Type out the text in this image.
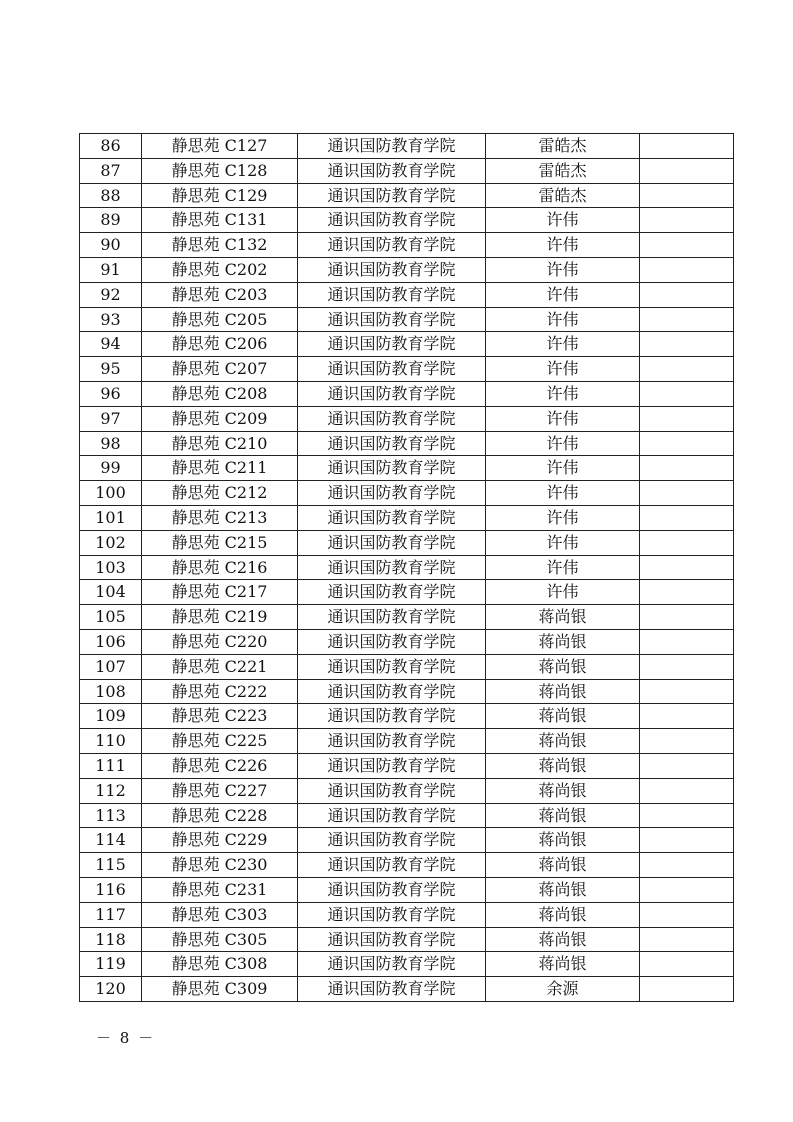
86	静思苑 C127	通识国防教育学院	雷皓杰	
87	静思苑 C128	通识国防教育学院	雷皓杰	
88	静思苑 C129	通识国防教育学院	雷皓杰	
89	静思苑 C131	通识国防教育学院	许伟	
90	静思苑 C132	通识国防教育学院	许伟	
91	静思苑 C202	通识国防教育学院	许伟	
92	静思苑 C203	通识国防教育学院	许伟	
93	静思苑 C205	通识国防教育学院	许伟	
94	静思苑 C206	通识国防教育学院	许伟	
95	静思苑 C207	通识国防教育学院	许伟	
96	静思苑 C208	通识国防教育学院	许伟	
97	静思苑 C209	通识国防教育学院	许伟	
98	静思苑 C210	通识国防教育学院	许伟	
99	静思苑 C211	通识国防教育学院	许伟	
100	静思苑 C212	通识国防教育学院	许伟	
101	静思苑 C213	通识国防教育学院	许伟	
102	静思苑 C215	通识国防教育学院	许伟	
103	静思苑 C216	通识国防教育学院	许伟	
104	静思苑 C217	通识国防教育学院	许伟	
105	静思苑 C219	通识国防教育学院	蒋尚银	
106	静思苑 C220	通识国防教育学院	蒋尚银	
107	静思苑 C221	通识国防教育学院	蒋尚银	
108	静思苑 C222	通识国防教育学院	蒋尚银	
109	静思苑 C223	通识国防教育学院	蒋尚银	
110	静思苑 C225	通识国防教育学院	蒋尚银	
111	静思苑 C226	通识国防教育学院	蒋尚银	
112	静思苑 C227	通识国防教育学院	蒋尚银	
113	静思苑 C228	通识国防教育学院	蒋尚银	
114	静思苑 C229	通识国防教育学院	蒋尚银	
115	静思苑 C230	通识国防教育学院	蒋尚银	
116	静思苑 C231	通识国防教育学院	蒋尚银	
117	静思苑 C303	通识国防教育学院	蒋尚银	
118	静思苑 C305	通识国防教育学院	蒋尚银	
119	静思苑 C308	通识国防教育学院	蒋尚银	
120	静思苑 C309	通识国防教育学院	余源	
－ 8 －
